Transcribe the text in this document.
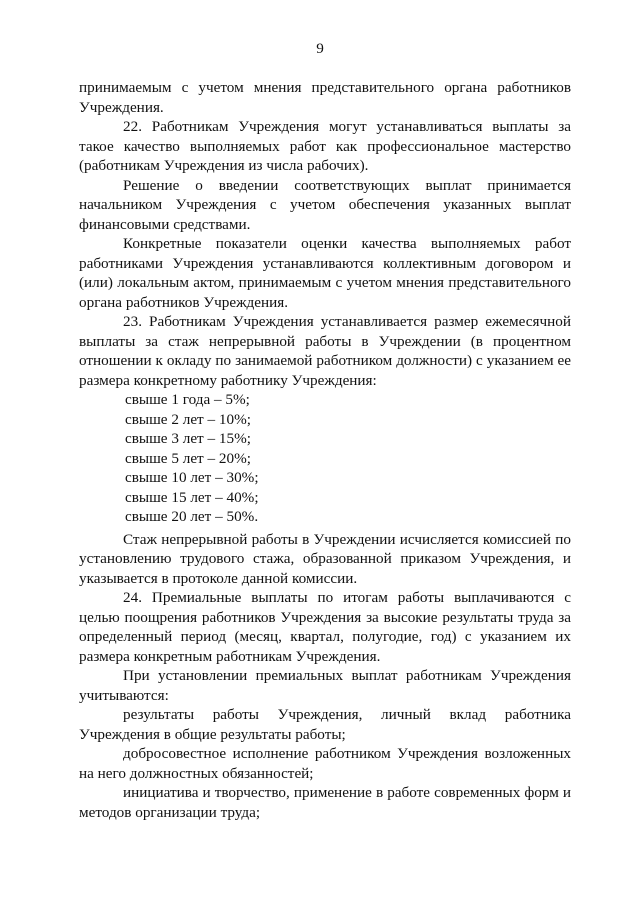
9

принимаемым с учетом мнения представительного органа работников Учреждения.

22. Работникам Учреждения могут устанавливаться выплаты за такое качество выполняемых работ как профессиональное мастерство (работникам Учреждения из числа рабочих).

Решение о введении соответствующих выплат принимается начальником Учреждения с учетом обеспечения указанных выплат финансовыми средствами.

Конкретные показатели оценки качества выполняемых работ работниками Учреждения устанавливаются коллективным договором и (или) локальным актом, принимаемым с учетом мнения представительного органа работников Учреждения.

23. Работникам Учреждения устанавливается размер ежемесячной выплаты за стаж непрерывной работы в Учреждении (в процентном отношении к окладу по занимаемой работником должности) с указанием ее размера конкретному работнику Учреждения:

свыше 1 года – 5%;
свыше 2 лет – 10%;
свыше 3 лет – 15%;
свыше 5 лет – 20%;
свыше 10 лет – 30%;
свыше 15 лет – 40%;
свыше 20 лет – 50%.

Стаж непрерывной работы в Учреждении исчисляется комиссией по установлению трудового стажа, образованной приказом Учреждения, и указывается в протоколе данной комиссии.

24. Премиальные выплаты по итогам работы выплачиваются с целью поощрения работников Учреждения за высокие результаты труда за определенный период (месяц, квартал, полугодие, год) с указанием их размера конкретным работникам Учреждения.

При установлении премиальных выплат работникам Учреждения учитываются:

результаты работы Учреждения, личный вклад работника Учреждения в общие результаты работы;

добросовестное исполнение работником Учреждения возложенных на него должностных обязанностей;

инициатива и творчество, применение в работе современных форм и методов организации труда;
